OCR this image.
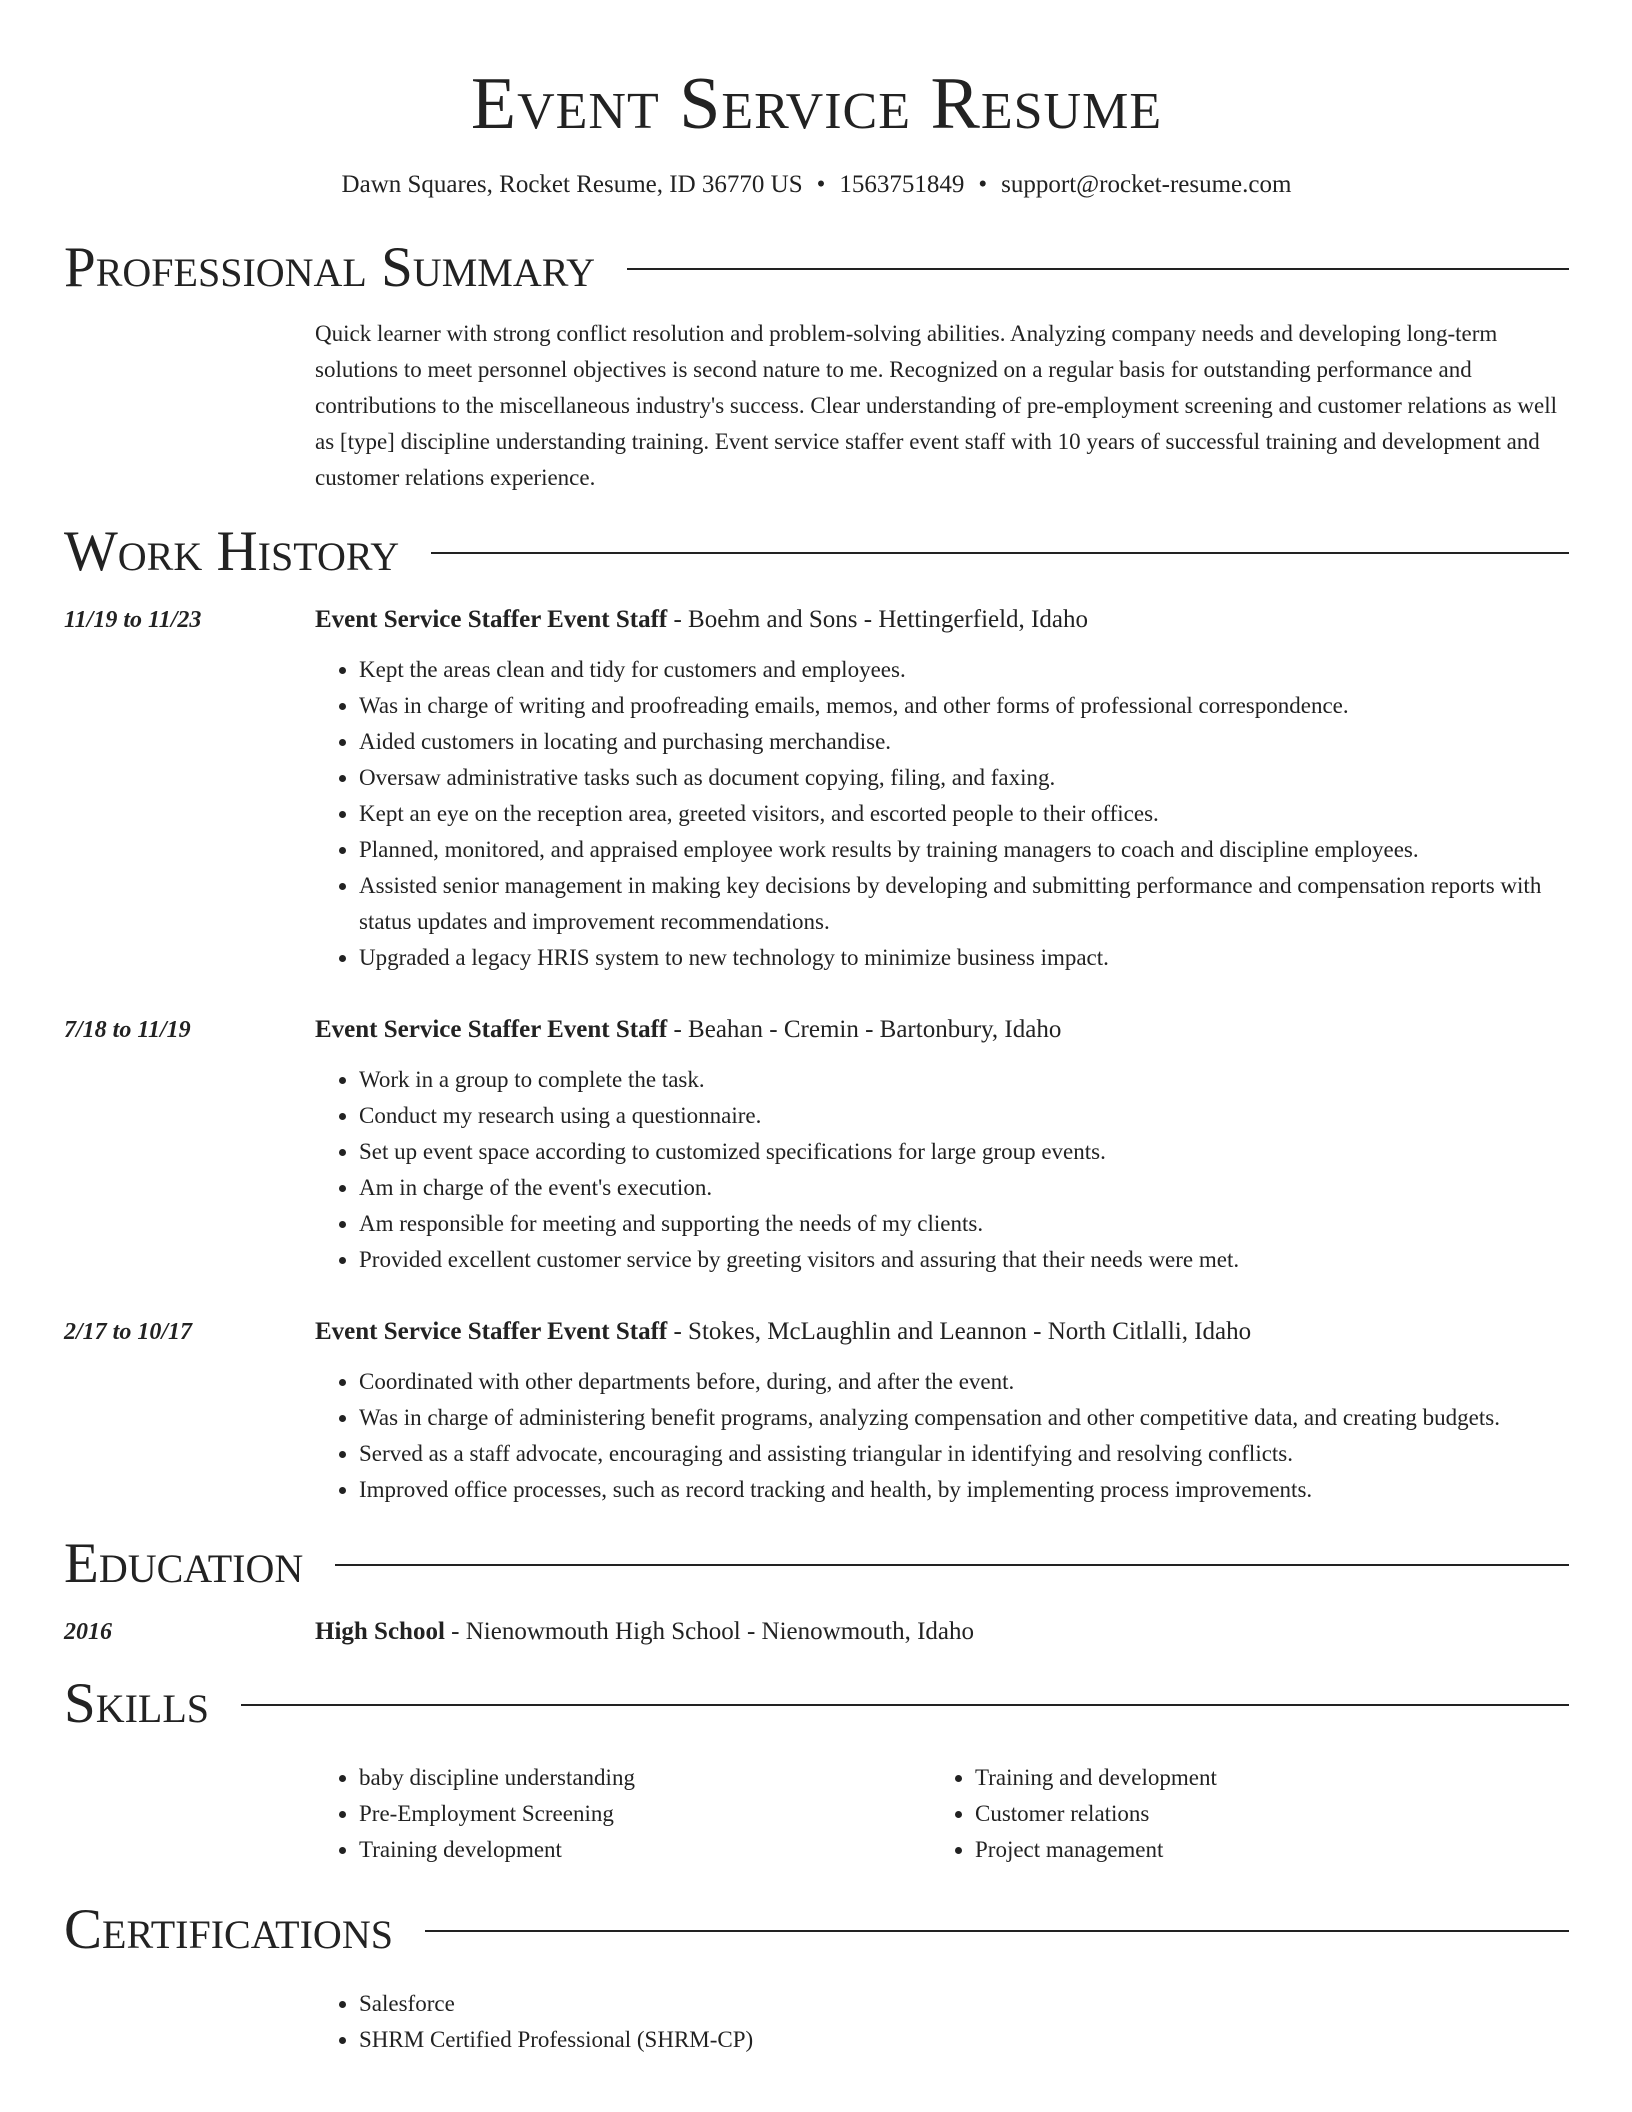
Event Service Resume
Dawn Squares, Rocket Resume, ID 36770 US • 1563751849 • support@rocket-resume.com
Professional Summary
Quick learner with strong conflict resolution and problem-solving abilities. Analyzing company needs and developing long-term solutions to meet personnel objectives is second nature to me. Recognized on a regular basis for outstanding performance and contributions to the miscellaneous industry's success. Clear understanding of pre-employment screening and customer relations as well as [type] discipline understanding training. Event service staffer event staff with 10 years of successful training and development and customer relations experience.
Work History
11/19 to 11/23	Event Service Staffer Event Staff - Boehm and Sons - Hettingerfield, Idaho
• Kept the areas clean and tidy for customers and employees.
• Was in charge of writing and proofreading emails, memos, and other forms of professional correspondence.
• Aided customers in locating and purchasing merchandise.
• Oversaw administrative tasks such as document copying, filing, and faxing.
• Kept an eye on the reception area, greeted visitors, and escorted people to their offices.
• Planned, monitored, and appraised employee work results by training managers to coach and discipline employees.
• Assisted senior management in making key decisions by developing and submitting performance and compensation reports with status updates and improvement recommendations.
• Upgraded a legacy HRIS system to new technology to minimize business impact.
7/18 to 11/19	Event Service Staffer Event Staff - Beahan - Cremin - Bartonbury, Idaho
• Work in a group to complete the task.
• Conduct my research using a questionnaire.
• Set up event space according to customized specifications for large group events.
• Am in charge of the event's execution.
• Am responsible for meeting and supporting the needs of my clients.
• Provided excellent customer service by greeting visitors and assuring that their needs were met.
2/17 to 10/17	Event Service Staffer Event Staff - Stokes, McLaughlin and Leannon - North Citlalli, Idaho
• Coordinated with other departments before, during, and after the event.
• Was in charge of administering benefit programs, analyzing compensation and other competitive data, and creating budgets.
• Served as a staff advocate, encouraging and assisting triangular in identifying and resolving conflicts.
• Improved office processes, such as record tracking and health, by implementing process improvements.
Education
2016	High School - Nienowmouth High School - Nienowmouth, Idaho
Skills
• baby discipline understanding
• Pre-Employment Screening
• Training development
• Training and development
• Customer relations
• Project management
Certifications
• Salesforce
• SHRM Certified Professional (SHRM-CP)
